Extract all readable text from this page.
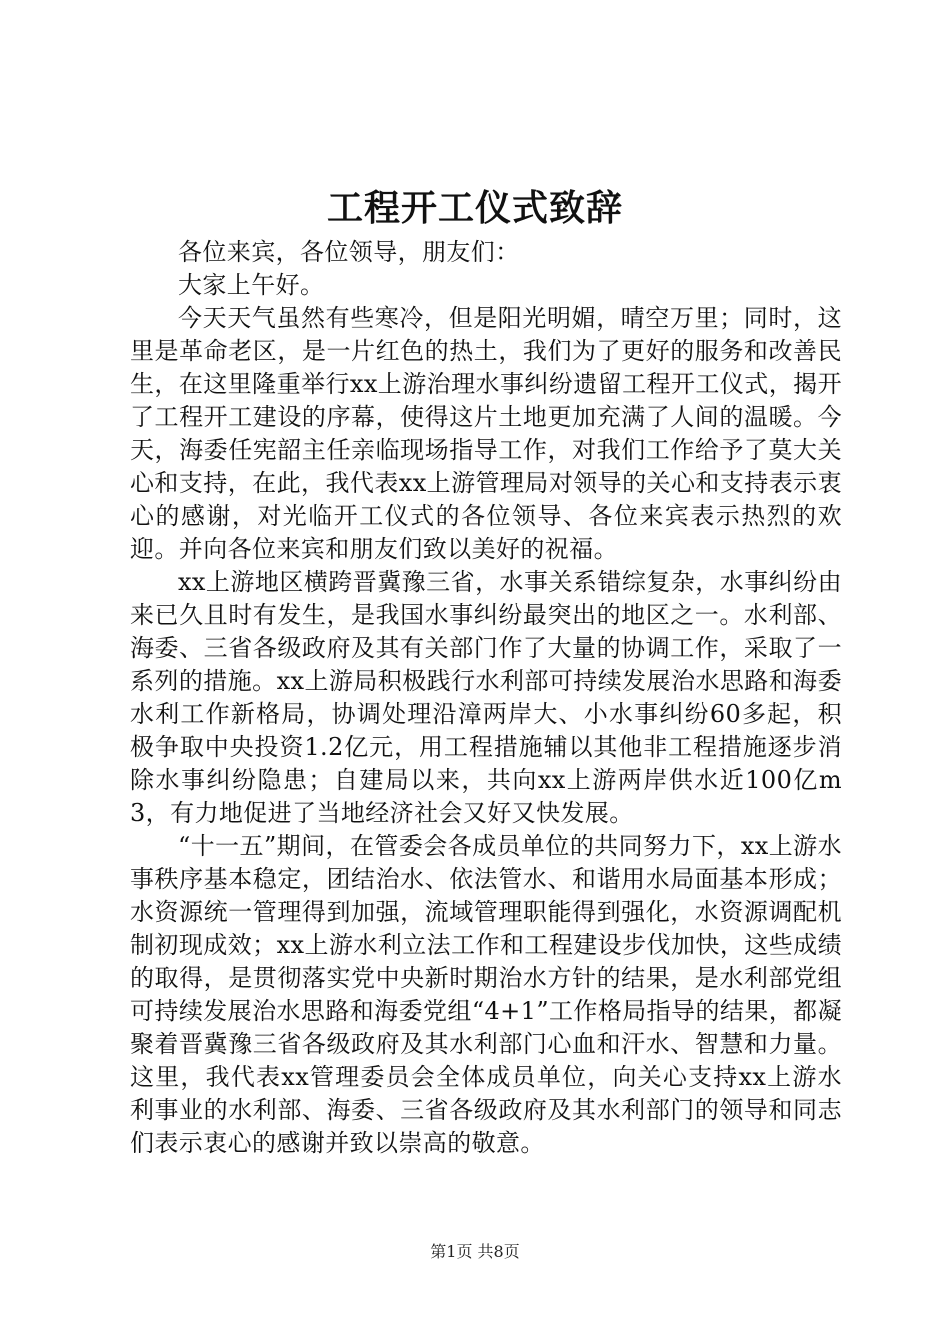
工程开工仪式致辞

各位来宾，各位领导，朋友们：

大家上午好。

今天天气虽然有些寒冷，但是阳光明媚，晴空万里；同时，这里是革命老区，是一片红色的热土，我们为了更好的服务和改善民生，在这里隆重举行xx上游治理水事纠纷遗留工程开工仪式，揭开了工程开工建设的序幕，使得这片土地更加充满了人间的温暖。今天，海委任宪韶主任亲临现场指导工作，对我们工作给予了莫大关心和支持，在此，我代表xx上游管理局对领导的关心和支持表示衷心的感谢，对光临开工仪式的各位领导、各位来宾表示热烈的欢迎。并向各位来宾和朋友们致以美好的祝福。

xx上游地区横跨晋冀豫三省，水事关系错综复杂，水事纠纷由来已久且时有发生，是我国水事纠纷最突出的地区之一。水利部、海委、三省各级政府及其有关部门作了大量的协调工作，采取了一系列的措施。xx上游局积极践行水利部可持续发展治水思路和海委水利工作新格局，协调处理沿漳两岸大、小水事纠纷60多起，积极争取中央投资1.2亿元，用工程措施辅以其他非工程措施逐步消除水事纠纷隐患；自建局以来，共向xx上游两岸供水近100亿m3，有力地促进了当地经济社会又好又快发展。

“十一五”期间，在管委会各成员单位的共同努力下，xx上游水事秩序基本稳定，团结治水、依法管水、和谐用水局面基本形成；水资源统一管理得到加强，流域管理职能得到强化，水资源调配机制初现成效；xx上游水利立法工作和工程建设步伐加快，这些成绩的取得，是贯彻落实党中央新时期治水方针的结果，是水利部党组可持续发展治水思路和海委党组“4+1”工作格局指导的结果，都凝聚着晋冀豫三省各级政府及其水利部门心血和汗水、智慧和力量。这里，我代表xx管理委员会全体成员单位，向关心支持xx上游水利事业的水利部、海委、三省各级政府及其水利部门的领导和同志们表示衷心的感谢并致以崇高的敬意。

第1页 共8页
